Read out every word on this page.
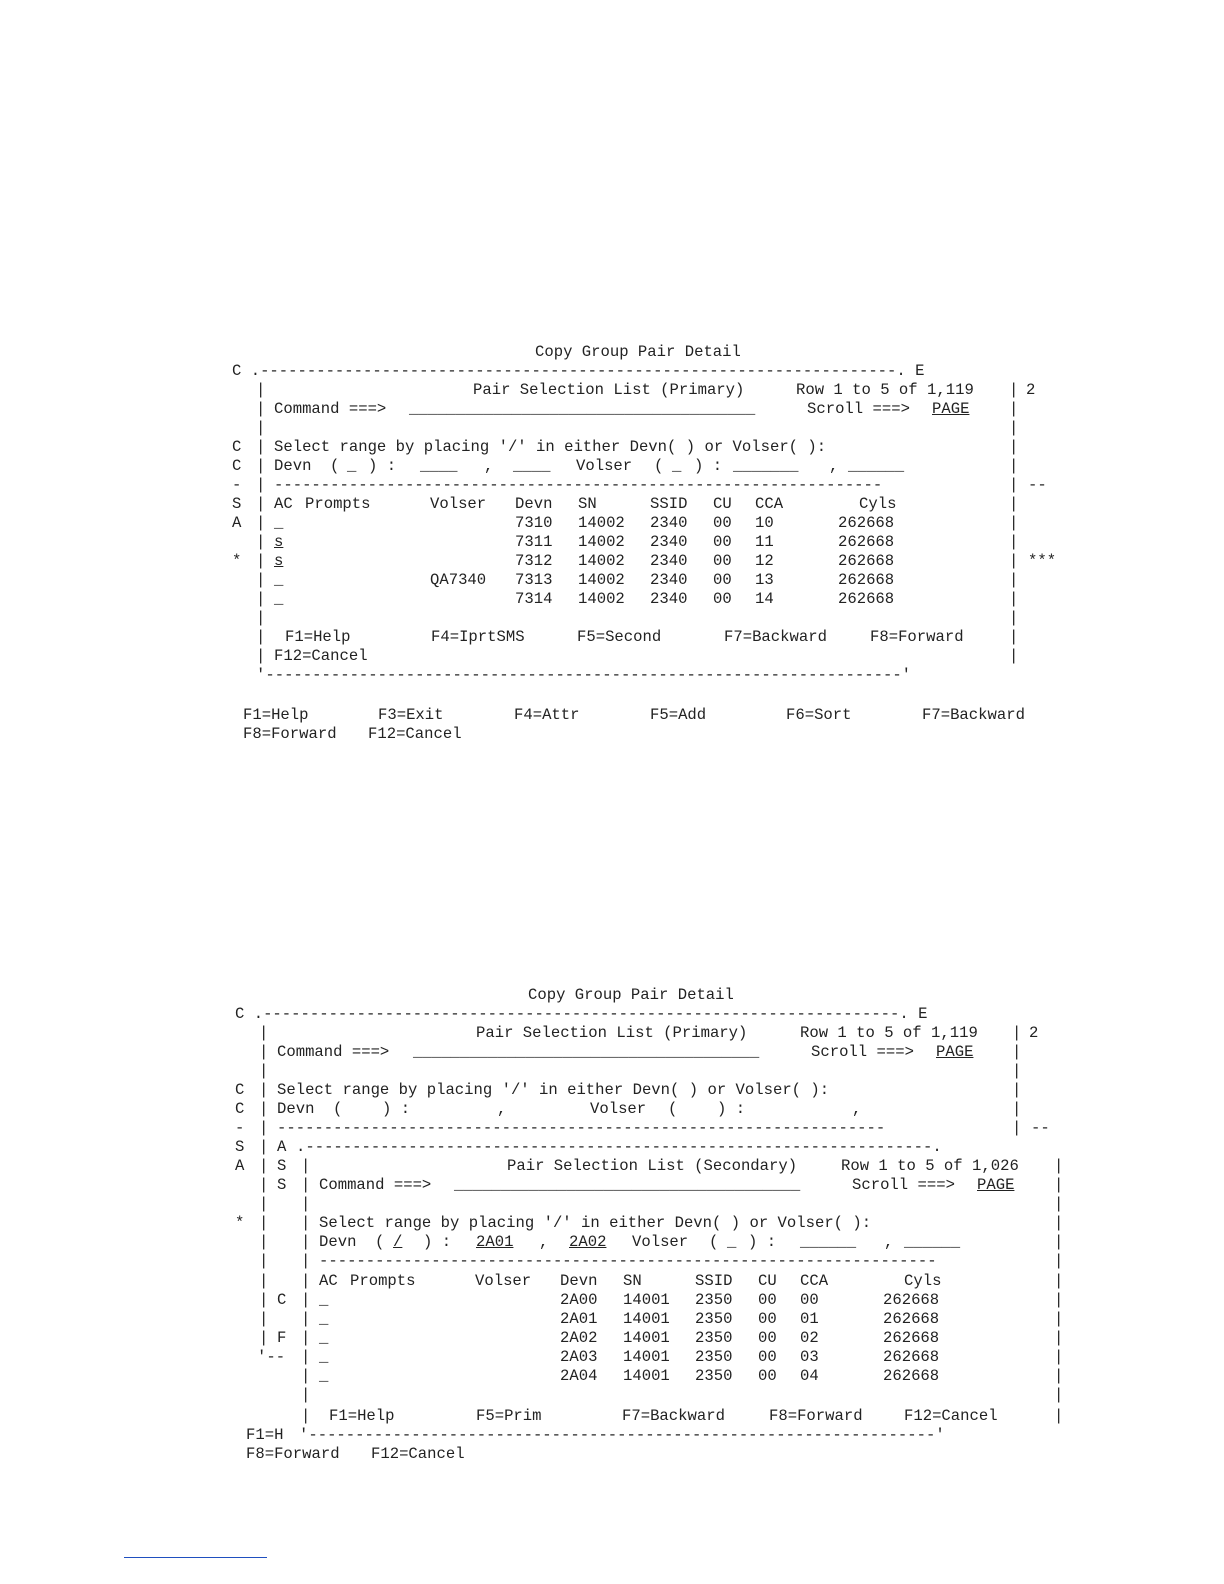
Copy Group Pair Detail
C .--------------------------------------------------------------------. E
|	Pair Selection List (Primary)	Row 1 to 5 of 1,119 | 2
| Command ===> _____________________________________	Scroll ===> PAGE	|
|	|
C | Select range by placing '/' in either Devn( ) or Volser( ):	|
C | Devn ( _ ) : ____ , ____ Volser ( _ ) : _______ , ______	|
- | -----------------------------------------------------------------	| --
S | AC Prompts	Volser Devn SN	SSID CU CCA	Cyls	|
A | _	7310 14002 2340 00 10	262668	|
| s	7311 14002 2340 00 11	262668	|
* | s	7312 14002 2340 00 12	262668	| ***
| _	QA7340 7313 14002 2340 00 13	262668	|
| _	7314 14002 2340 00 14	262668	|
|	|
| F1=Help	F4=IprtSMS	F5=Second	F7=Backward	F8=Forward	|
| F12=Cancel	|
'--------------------------------------------------------------------'
F1=Help	F3=Exit	F4=Attr	F5=Add	F6=Sort	F7=Backward
F8=Forward F12=Cancel
Copy Group Pair Detail
C .--------------------------------------------------------------------. E
|	Pair Selection List (Primary)	Row 1 to 5 of 1,119 | 2
| Command ===> _____________________________________	Scroll ===> PAGE |
|	|
C | Select range by placing '/' in either Devn( ) or Volser( ):	|
C | Devn (	) :	,	Volser (	) :	,	|
- | -----------------------------------------------------------------	| --
S | A .-------------------------------------------------------------------.
A | S |	Pair Selection List (Secondary)	Row 1 to 5 of 1,026 |
| S | Command ===> _____________________________________	Scroll ===> PAGE	|
| |	|
* | | Select range by placing '/' in either Devn( ) or Volser( ):	|
| | Devn ( / ) : 2A01 , 2A02 Volser ( _ ) : ______ , ______	|
| | ------------------------------------------------------------------	|
| | AC Prompts	Volser Devn SN	SSID CU CCA	Cyls	|
| C | _	2A00 14001 2350 00 00	262668	|
| | _	2A01 14001 2350 00 01	262668	|
| F | _	2A02 14001 2350 00 02	262668	|
'-- | _	2A03 14001 2350 00 03	262668	|
| _	2A04 14001 2350 00 04	262668	|
|	|
| F1=Help	F5=Prim	F7=Backward	F8=Forward	F12=Cancel	|
F1=H '-------------------------------------------------------------------'
F8=Forward F12=Cancel
